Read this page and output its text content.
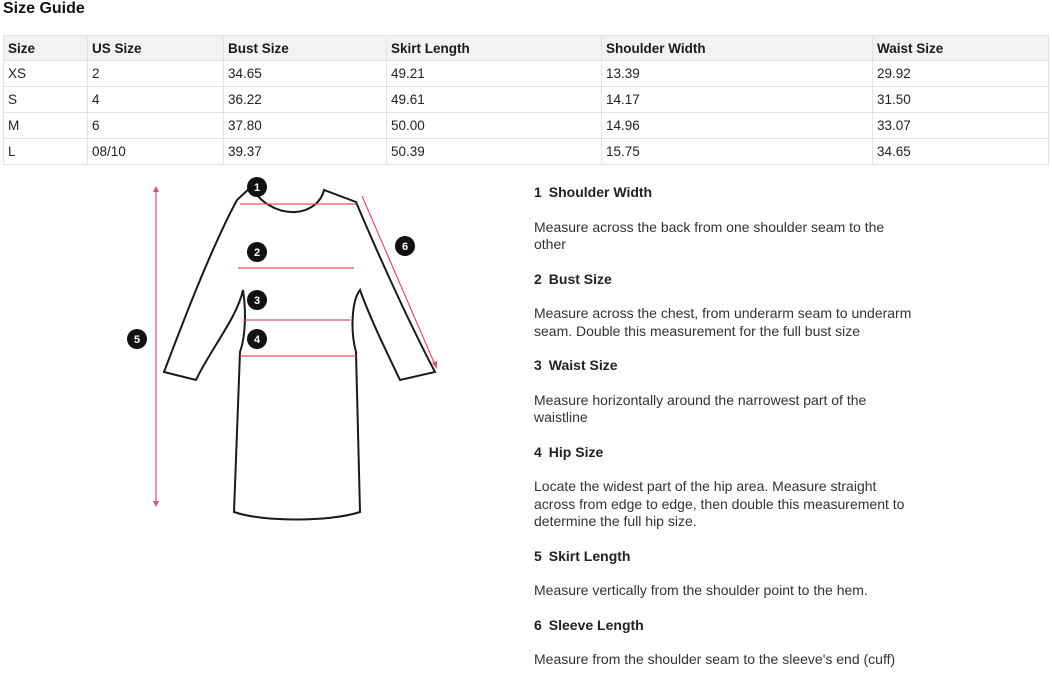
Size Guide
Size	US Size	Bust Size	Skirt Length	Shoulder Width	Waist Size
XS	2	34.65	49.21	13.39	29.92
S	4	36.22	49.61	14.17	31.50
M	6	37.80	50.00	14.96	33.07
L	08/10	39.37	50.39	15.75	34.65
1
2
3
4
5
6

1 Shoulder Width

Measure across the back from one shoulder seam to the other

2 Bust Size

Measure across the chest, from underarm seam to underarm seam. Double this measurement for the full bust size

3 Waist Size

Measure horizontally around the narrowest part of the waistline

4 Hip Size

Locate the widest part of the hip area. Measure straight across from edge to edge, then double this measurement to determine the full hip size.

5 Skirt Length

Measure vertically from the shoulder point to the hem.

6 Sleeve Length

Measure from the shoulder seam to the sleeve's end (cuff)
